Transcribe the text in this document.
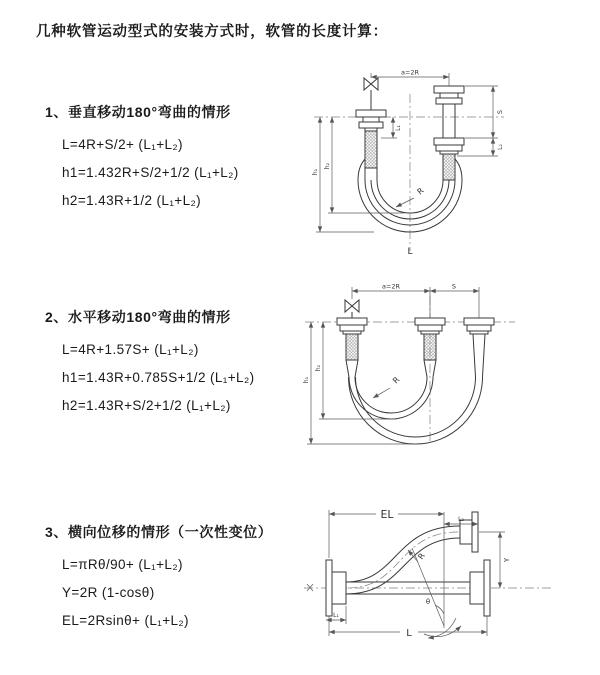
几种软管运动型式的安装方式时，软管的长度计算：
1、垂直移动180°弯曲的情形
L=4R+S/2+ (L₁+L₂)
h1=1.432R+S/2+1/2 (L₁+L₂)
h2=1.43R+1/2 (L₁+L₂)
2、水平移动180°弯曲的情形
L=4R+1.57S+ (L₁+L₂)
h1=1.43R+0.785S+1/2 (L₁+L₂)
h2=1.43R+S/2+1/2 (L₁+L₂)
3、横向位移的情形（一次性变位）
L=πRθ/90+ (L₁+L₂)
Y=2R (1-cosθ)
EL=2Rsinθ+ (L₁+L₂)
a=2R
S
L₂
L₁
h₁
h₂
R
L
a=2R	S
h₁
h₂
R
EL	L₂
Y
L
L₁
θ
R
